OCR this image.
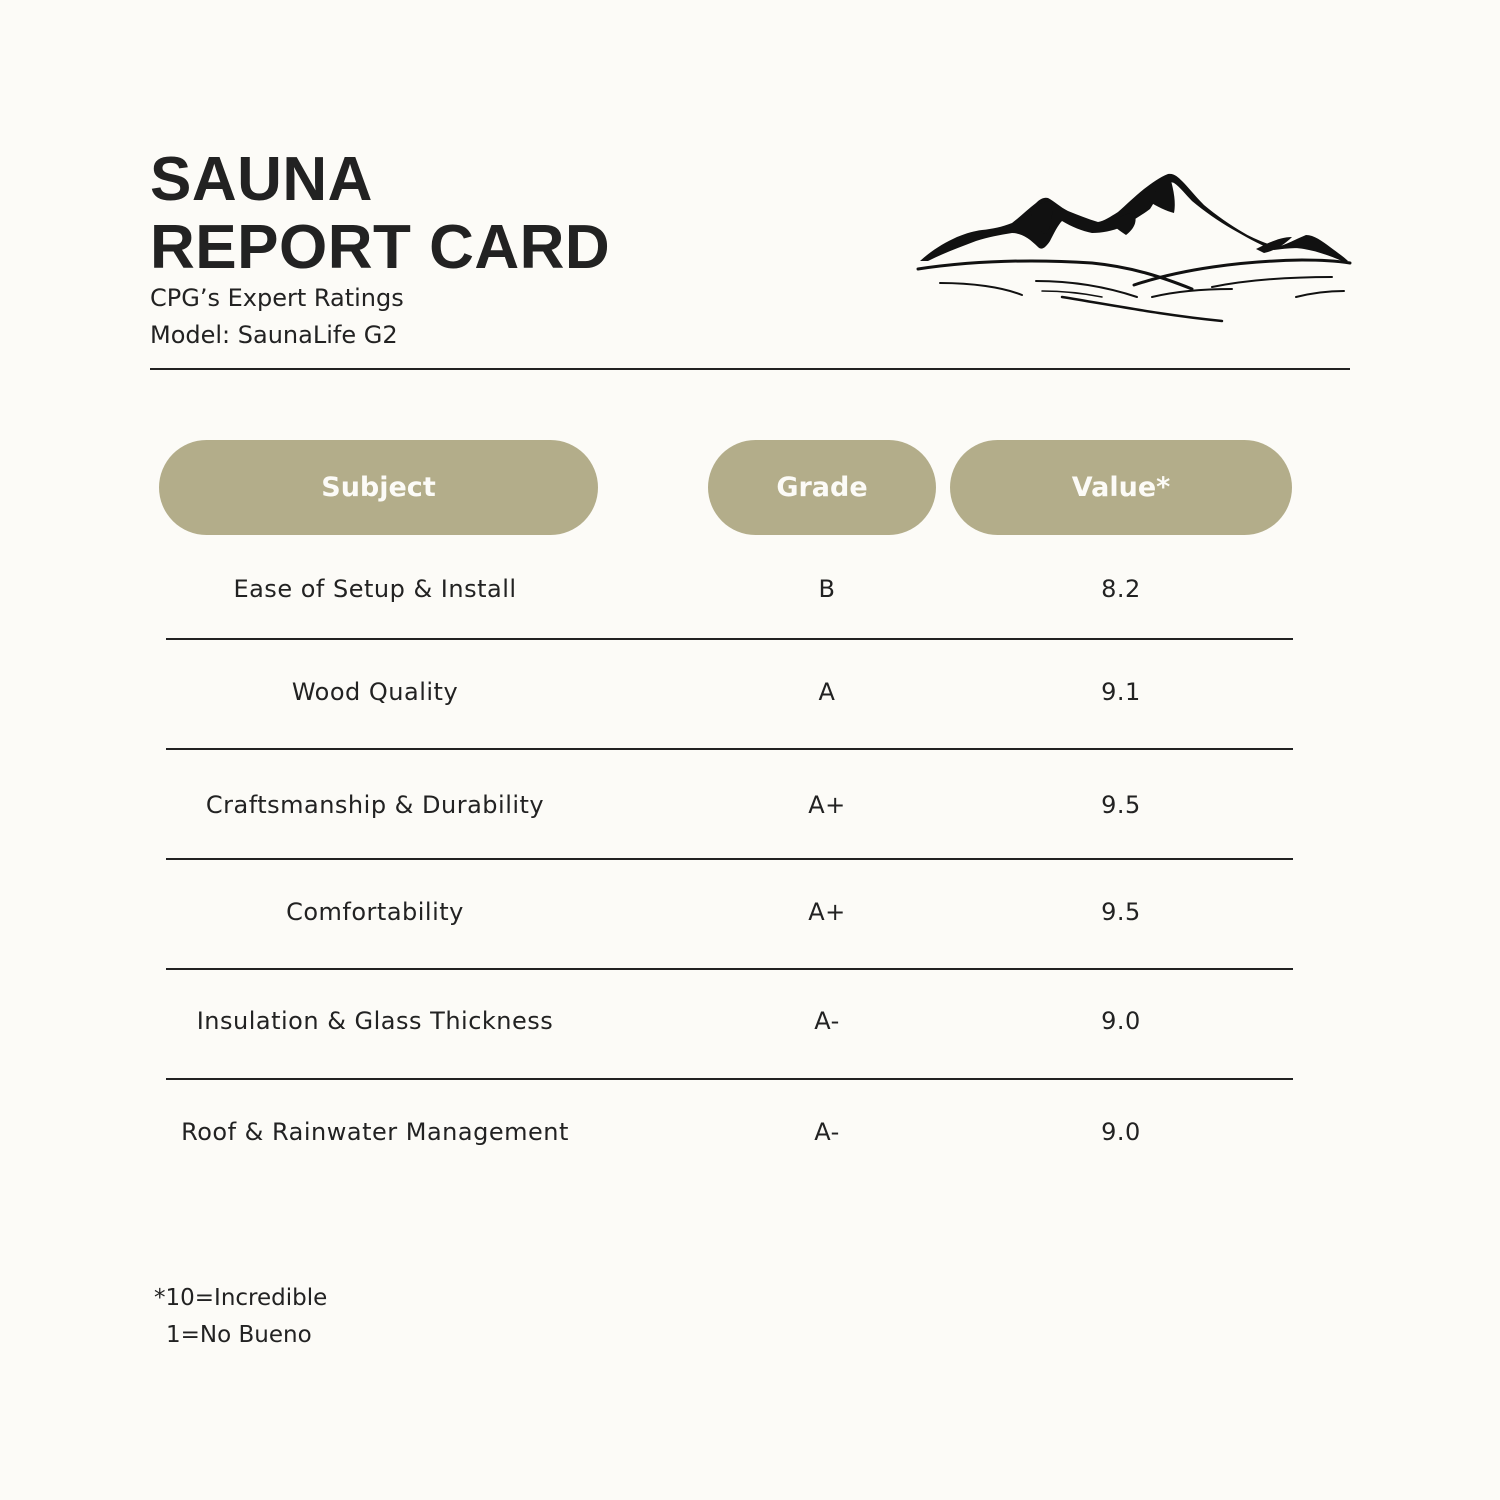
SAUNA
REPORT CARD
CPG’s Expert Ratings
Model: SaunaLife G2
Subject	Grade	Value*
Ease of Setup & Install	B	8.2
Wood Quality	A	9.1
Craftsmanship & Durability	A+	9.5
Comfortability	A+	9.5
Insulation & Glass Thickness	A-	9.0
Roof & Rainwater Management	A-	9.0
*10=Incredible
1=No Bueno
